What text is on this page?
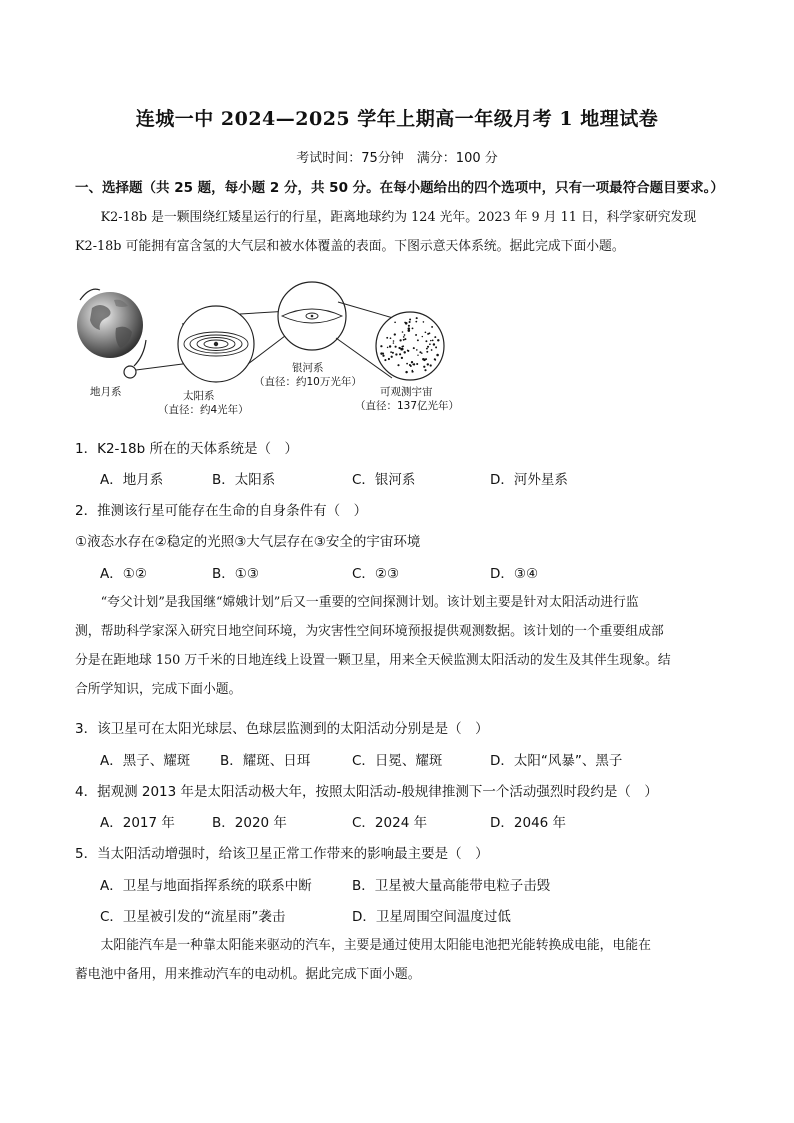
连城一中 2024—2025 学年上期高一年级月考 1 地理试卷
考试时间：75分钟　满分：100 分
一、选择题（共 25 题，每小题 2 分，共 50 分。在每小题给出的四个选项中，只有一项最符合题目要求。）

K2-18b 是一颗围绕红矮星运行的行星，距离地球约为 124 光年。2023 年 9 月 11 日，科学家研究发现

K2-18b 可能拥有富含氢的大气层和被水体覆盖的表面。下图示意天体系统。据此完成下面小题。

地月系	太阳系
（直径：约4光年）
银河系
（直径：约10万光年）
可观测宇宙
（直径：137亿光年）
1．K2-18b 所在的天体系统是（　）
A．地月系	B．太阳系	C．银河系	D．河外星系
2．推测该行星可能存在生命的自身条件有（　）
①液态水存在②稳定的光照③大气层存在③安全的宇宙环境
A．①②	B．①③	C．②③	D．③④

“夸父计划”是我国继“嫦娥计划”后又一重要的空间探测计划。该计划主要是针对太阳活动进行监

测，帮助科学家深入研究日地空间环境，为灾害性空间环境预报提供观测数据。该计划的一个重要组成部

分是在距地球 150 万千米的日地连线上设置一颗卫星，用来全天候监测太阳活动的发生及其伴生现象。结

合所学知识，完成下面小题。

3．该卫星可在太阳光球层、色球层监测到的太阳活动分别是是（　）
A．黑子、耀斑 B．耀斑、日珥	C．日冕、耀斑	D．太阳“风暴”、黑子
4．据观测 2013 年是太阳活动极大年，按照太阳活动-般规律推测下一个活动强烈时段约是（　）
A．2017 年	B．2020 年	C．2024 年	D．2046 年
5．当太阳活动增强时，给该卫星正常工作带来的影响最主要是（　）
A．卫星与地面指挥系统的联系中断	B．卫星被大量高能带电粒子击毁
C．卫星被引发的“流星雨”袭击	D．卫星周围空间温度过低

太阳能汽车是一种靠太阳能来驱动的汽车，主要是通过使用太阳能电池把光能转换成电能，电能在

蓄电池中备用，用来推动汽车的电动机。据此完成下面小题。
